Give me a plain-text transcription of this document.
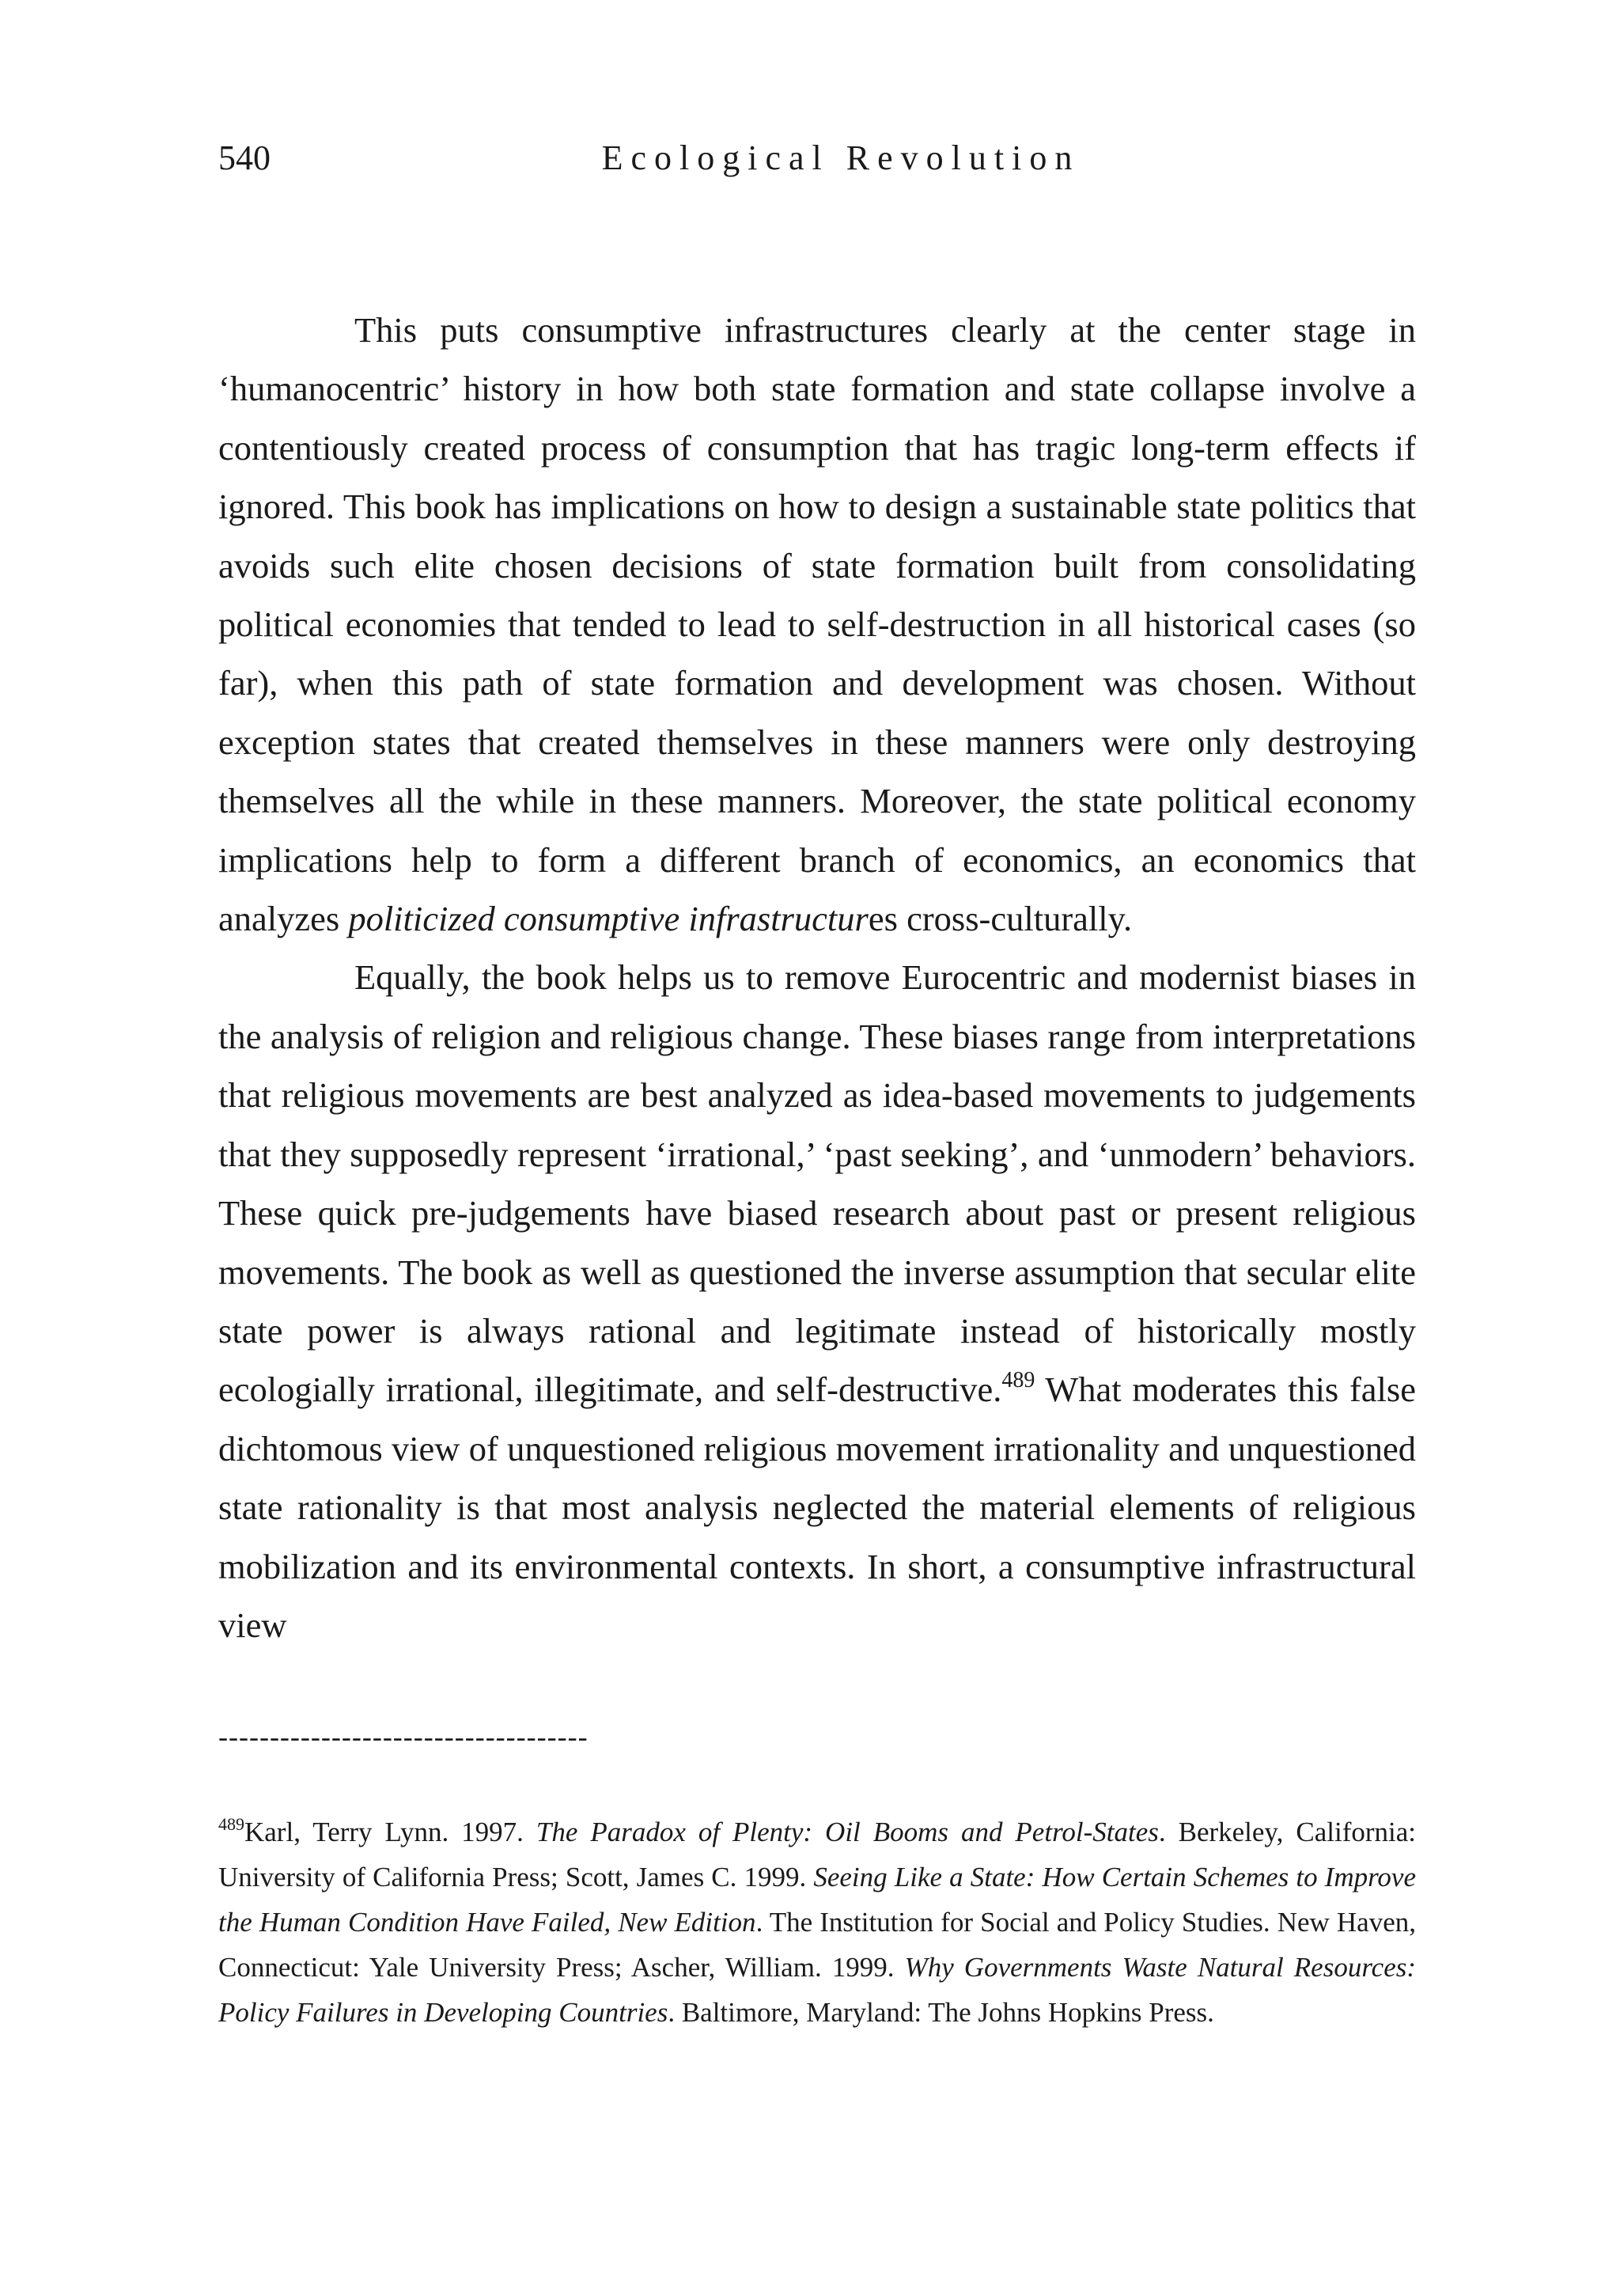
540	Ecological Revolution

This puts consumptive infrastructures clearly at the center stage in ‘humanocentric’ history in how both state formation and state collapse involve a contentiously created process of consumption that has tragic long-term effects if ignored. This book has implications on how to design a sustainable state politics that avoids such elite chosen decisions of state formation built from consolidating political economies that tended to lead to self-destruction in all historical cases (so far), when this path of state formation and development was chosen. Without exception states that created themselves in these manners were only destroying themselves all the while in these manners. Moreover, the state political economy implications help to form a different branch of economics, an economics that analyzes politicized consumptive infrastructures cross-culturally.

Equally, the book helps us to remove Eurocentric and modernist biases in the analysis of religion and religious change. These biases range from interpretations that religious movements are best analyzed as idea-based movements to judgements that they supposedly represent ‘irrational,’ ‘past seeking’, and ‘unmodern’ behaviors. These quick pre-judgements have biased research about past or present religious movements. The book as well as questioned the inverse assumption that secular elite state power is always rational and legitimate instead of historically mostly ecologially irrational, illegitimate, and self-destructive.$^{489}$ What moderates this false dichtomous view of unquestioned religious movement irrationality and unquestioned state rationality is that most analysis neglected the material elements of religious mobilization and its environmental contexts. In short, a consumptive infrastructural view

------------------------------------
$^{489}$Karl, Terry Lynn. 1997. The Paradox of Plenty: Oil Booms and Petrol-States. Berkeley, California: University of California Press; Scott, James C. 1999. Seeing Like a State: How Certain Schemes to Improve the Human Condition Have Failed, New Edition. The Institution for Social and Policy Studies. New Haven, Connecticut: Yale University Press; Ascher, William. 1999. Why Governments Waste Natural Resources: Policy Failures in Developing Countries. Baltimore, Maryland: The Johns Hopkins Press.
